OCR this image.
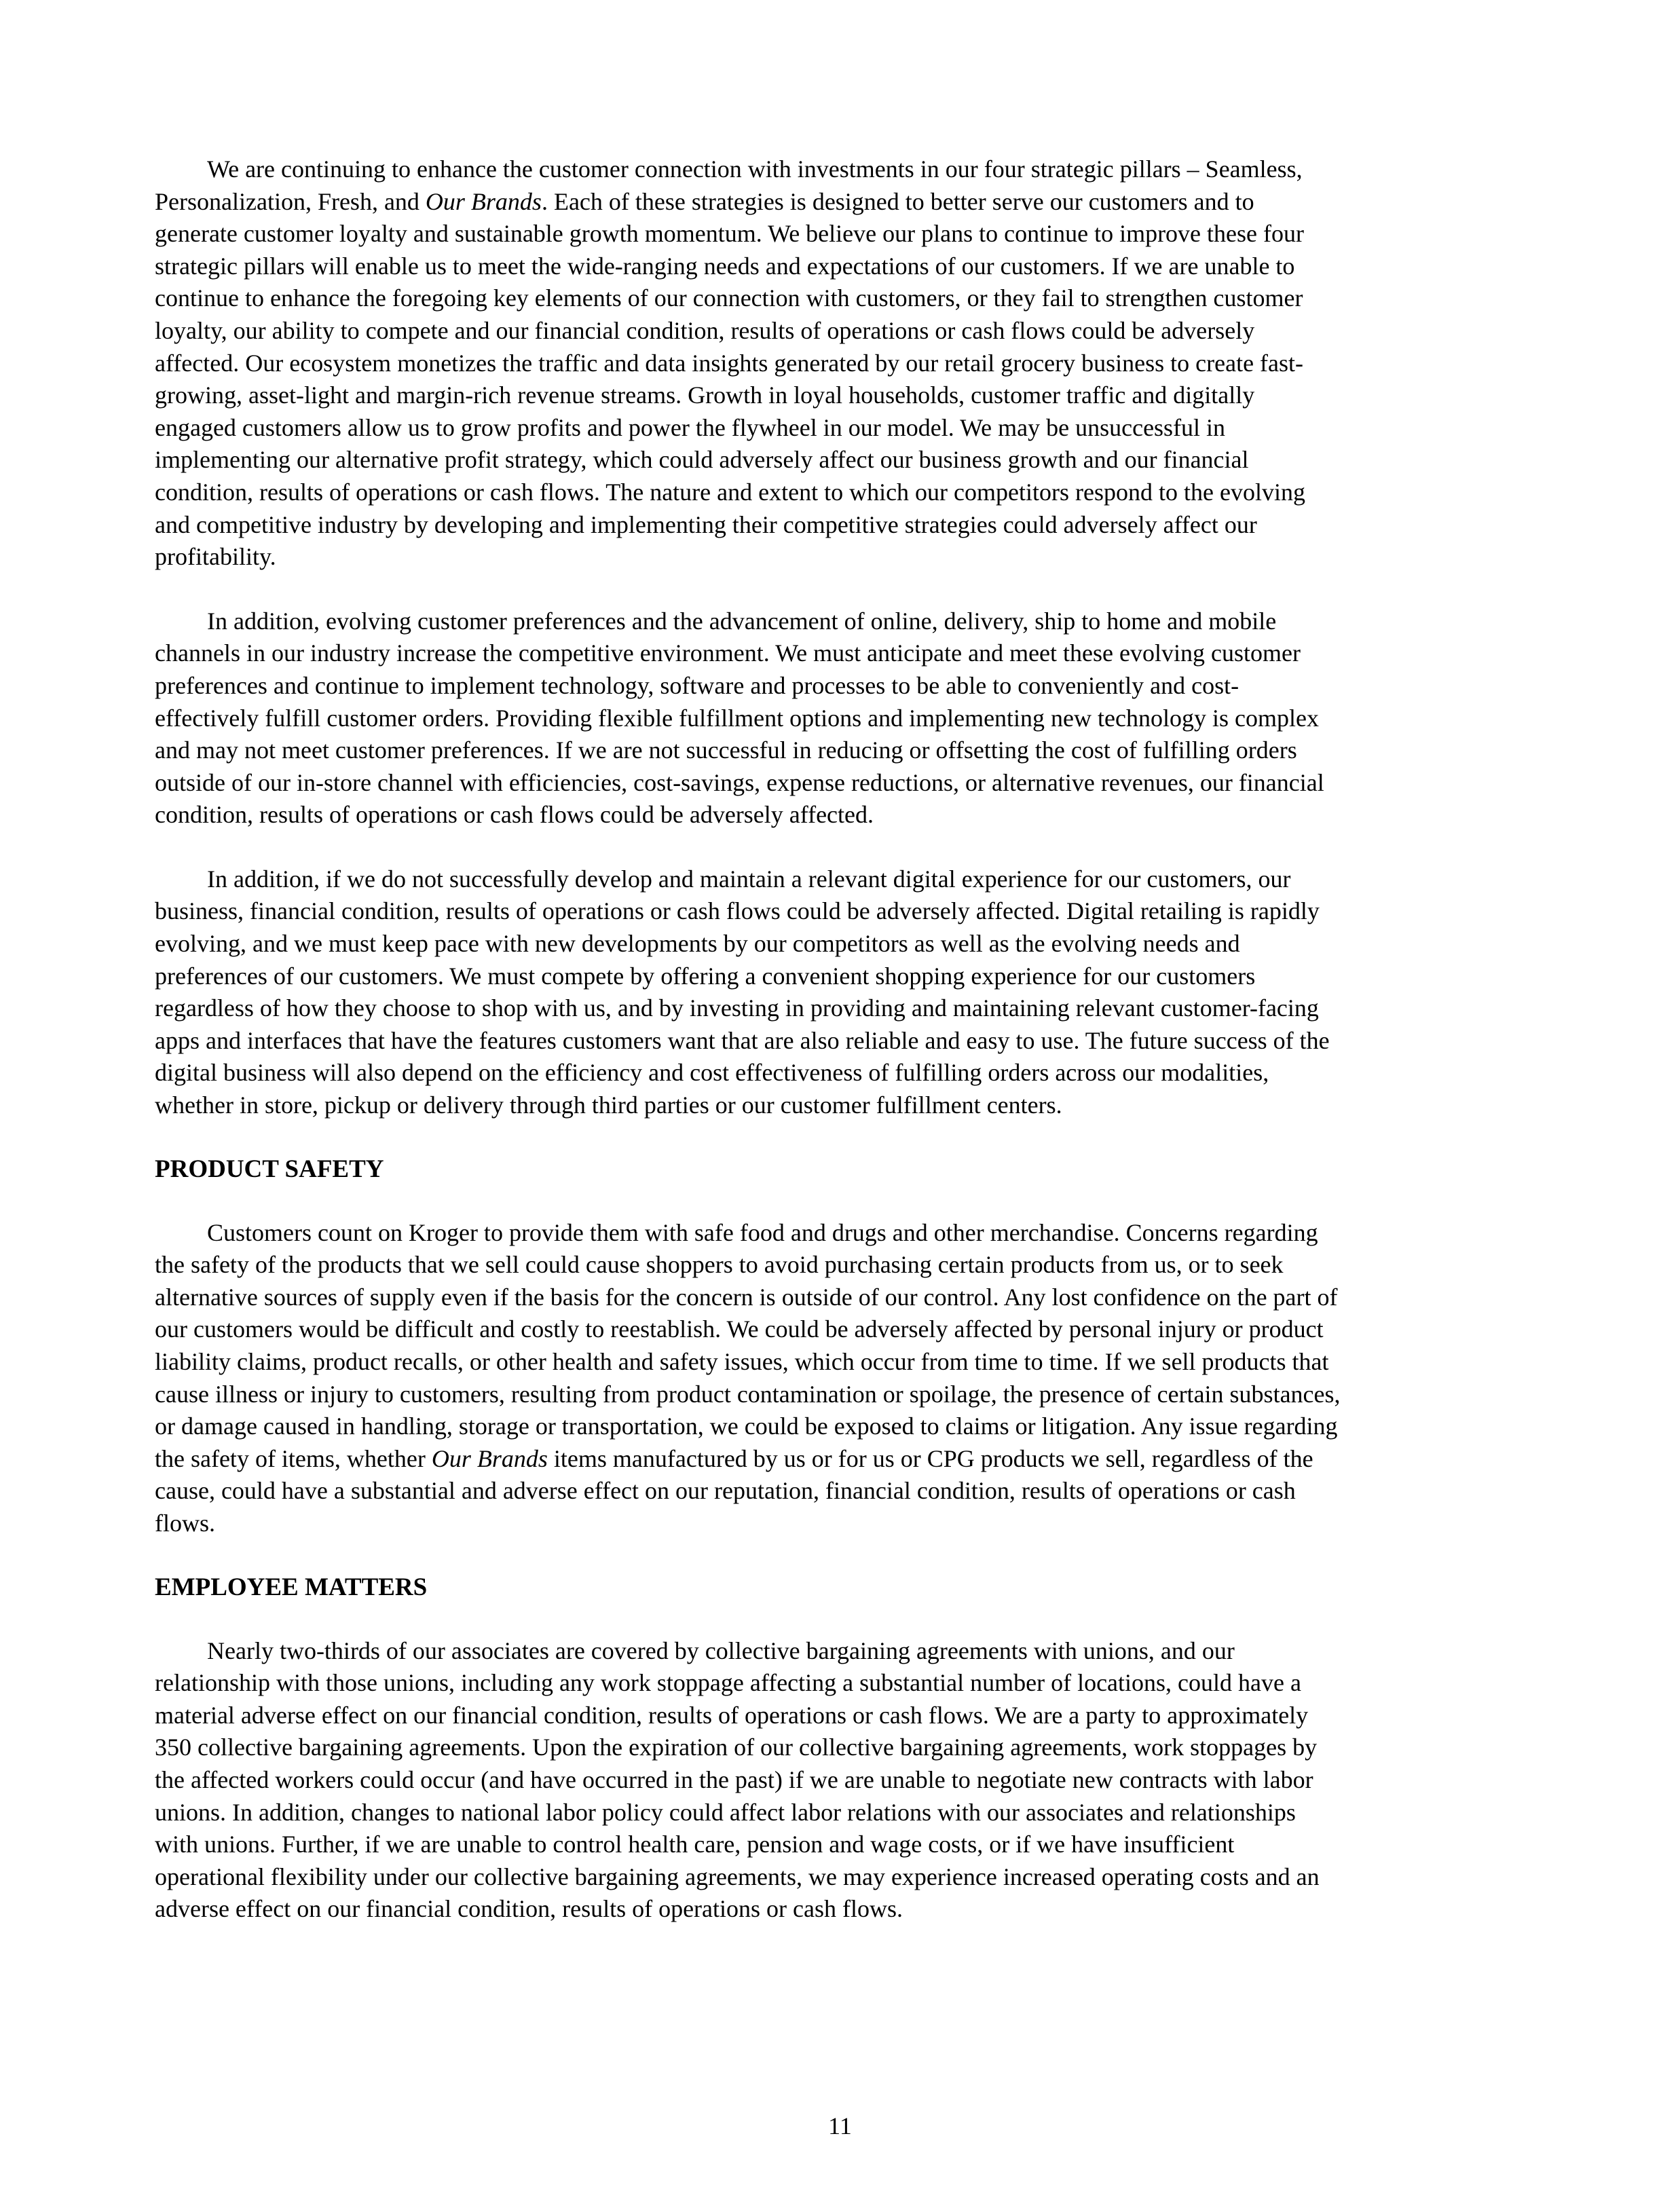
We are continuing to enhance the customer connection with investments in our four strategic pillars – Seamless,
Personalization, Fresh, and Our Brands. Each of these strategies is designed to better serve our customers and to
generate customer loyalty and sustainable growth momentum. We believe our plans to continue to improve these four
strategic pillars will enable us to meet the wide-ranging needs and expectations of our customers. If we are unable to
continue to enhance the foregoing key elements of our connection with customers, or they fail to strengthen customer
loyalty, our ability to compete and our financial condition, results of operations or cash flows could be adversely
affected. Our ecosystem monetizes the traffic and data insights generated by our retail grocery business to create fast-
growing, asset-light and margin-rich revenue streams. Growth in loyal households, customer traffic and digitally
engaged customers allow us to grow profits and power the flywheel in our model. We may be unsuccessful in
implementing our alternative profit strategy, which could adversely affect our business growth and our financial
condition, results of operations or cash flows. The nature and extent to which our competitors respond to the evolving
and competitive industry by developing and implementing their competitive strategies could adversely affect our
profitability.

In addition, evolving customer preferences and the advancement of online, delivery, ship to home and mobile
channels in our industry increase the competitive environment. We must anticipate and meet these evolving customer
preferences and continue to implement technology, software and processes to be able to conveniently and cost-
effectively fulfill customer orders. Providing flexible fulfillment options and implementing new technology is complex
and may not meet customer preferences. If we are not successful in reducing or offsetting the cost of fulfilling orders
outside of our in-store channel with efficiencies, cost-savings, expense reductions, or alternative revenues, our financial
condition, results of operations or cash flows could be adversely affected.

In addition, if we do not successfully develop and maintain a relevant digital experience for our customers, our
business, financial condition, results of operations or cash flows could be adversely affected. Digital retailing is rapidly
evolving, and we must keep pace with new developments by our competitors as well as the evolving needs and
preferences of our customers. We must compete by offering a convenient shopping experience for our customers
regardless of how they choose to shop with us, and by investing in providing and maintaining relevant customer-facing
apps and interfaces that have the features customers want that are also reliable and easy to use. The future success of the
digital business will also depend on the efficiency and cost effectiveness of fulfilling orders across our modalities,
whether in store, pickup or delivery through third parties or our customer fulfillment centers.

PRODUCT SAFETY

Customers count on Kroger to provide them with safe food and drugs and other merchandise. Concerns regarding
the safety of the products that we sell could cause shoppers to avoid purchasing certain products from us, or to seek
alternative sources of supply even if the basis for the concern is outside of our control. Any lost confidence on the part of
our customers would be difficult and costly to reestablish. We could be adversely affected by personal injury or product
liability claims, product recalls, or other health and safety issues, which occur from time to time. If we sell products that
cause illness or injury to customers, resulting from product contamination or spoilage, the presence of certain substances,
or damage caused in handling, storage or transportation, we could be exposed to claims or litigation. Any issue regarding
the safety of items, whether Our Brands items manufactured by us or for us or CPG products we sell, regardless of the
cause, could have a substantial and adverse effect on our reputation, financial condition, results of operations or cash
flows.

EMPLOYEE MATTERS

Nearly two-thirds of our associates are covered by collective bargaining agreements with unions, and our
relationship with those unions, including any work stoppage affecting a substantial number of locations, could have a
material adverse effect on our financial condition, results of operations or cash flows. We are a party to approximately
350 collective bargaining agreements. Upon the expiration of our collective bargaining agreements, work stoppages by
the affected workers could occur (and have occurred in the past) if we are unable to negotiate new contracts with labor
unions. In addition, changes to national labor policy could affect labor relations with our associates and relationships
with unions. Further, if we are unable to control health care, pension and wage costs, or if we have insufficient
operational flexibility under our collective bargaining agreements, we may experience increased operating costs and an
adverse effect on our financial condition, results of operations or cash flows.

11
